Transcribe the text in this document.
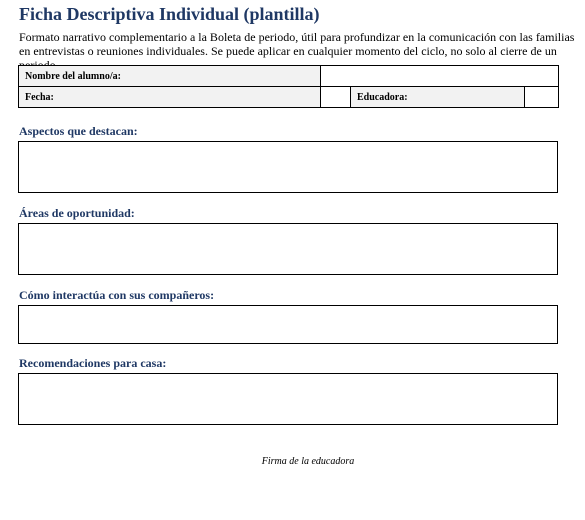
Ficha Descriptiva Individual (plantilla)
Formato narrativo complementario a la Boleta de periodo, útil para profundizar en la comunicación con las familias en entrevistas o reuniones individuales. Se puede aplicar en cualquier momento del ciclo, no solo al cierre de un
Nombre del alumno/a:			
Fecha:		Educadora:	
Aspectos que destacan:
Áreas de oportunidad:
Cómo interactúa con sus compañeros:
Recomendaciones para casa:
Firma de la educadora
